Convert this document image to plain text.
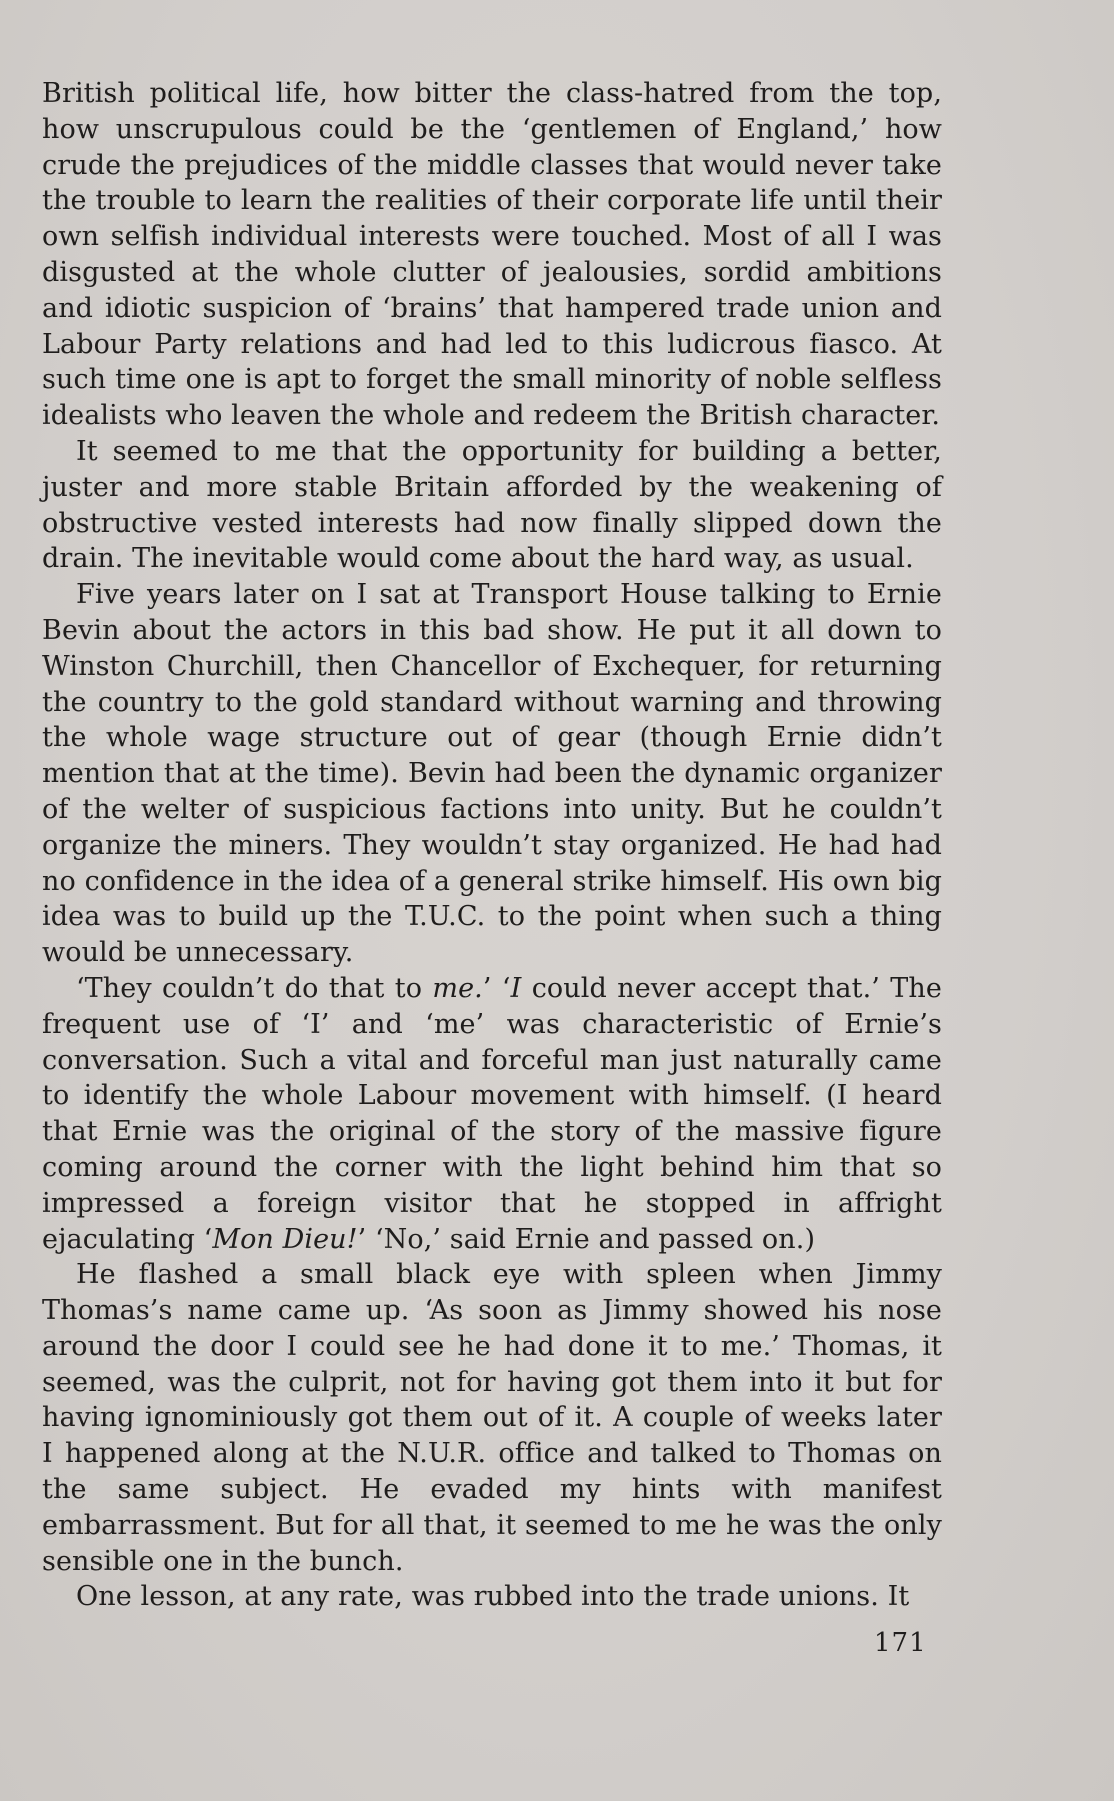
British political life, how bitter the class-hatred from the top, how unscrupulous could be the ‘gentlemen of England,’ how crude the prejudices of the middle classes that would never take the trouble to learn the realities of their corporate life until their own selfish individual interests were touched. Most of all I was disgusted at the whole clutter of jealousies, sordid ambitions and idiotic suspicion of ‘brains’ that hampered trade union and Labour Party relations and had led to this ludicrous fiasco. At such time one is apt to forget the small minority of noble selfless idealists who leaven the whole and redeem the British character.

It seemed to me that the opportunity for building a better, juster and more stable Britain afforded by the weakening of obstructive vested interests had now finally slipped down the drain. The inevitable would come about the hard way, as usual.

Five years later on I sat at Transport House talking to Ernie Bevin about the actors in this bad show. He put it all down to Winston Churchill, then Chancellor of Exchequer, for returning the country to the gold standard without warning and throwing the whole wage structure out of gear (though Ernie didn’t mention that at the time). Bevin had been the dynamic organizer of the welter of suspicious factions into unity. But he couldn’t organize the miners. They wouldn’t stay organized. He had had no confidence in the idea of a general strike himself. His own big idea was to build up the T.U.C. to the point when such a thing would be unnecessary.

‘They couldn’t do that to me.’ ‘I could never accept that.’ The frequent use of ‘I’ and ‘me’ was characteristic of Ernie’s conversation. Such a vital and forceful man just naturally came to identify the whole Labour movement with himself. (I heard that Ernie was the original of the story of the massive figure coming around the corner with the light behind him that so impressed a foreign visitor that he stopped in affright ejaculating ‘Mon Dieu!’ ‘No,’ said Ernie and passed on.)

He flashed a small black eye with spleen when Jimmy Thomas’s name came up. ‘As soon as Jimmy showed his nose around the door I could see he had done it to me.’ Thomas, it seemed, was the culprit, not for having got them into it but for having ignominiously got them out of it. A couple of weeks later I happened along at the N.U.R. office and talked to Thomas on the same subject. He evaded my hints with manifest embarrassment. But for all that, it seemed to me he was the only sensible one in the bunch.

One lesson, at any rate, was rubbed into the trade unions. It

171
